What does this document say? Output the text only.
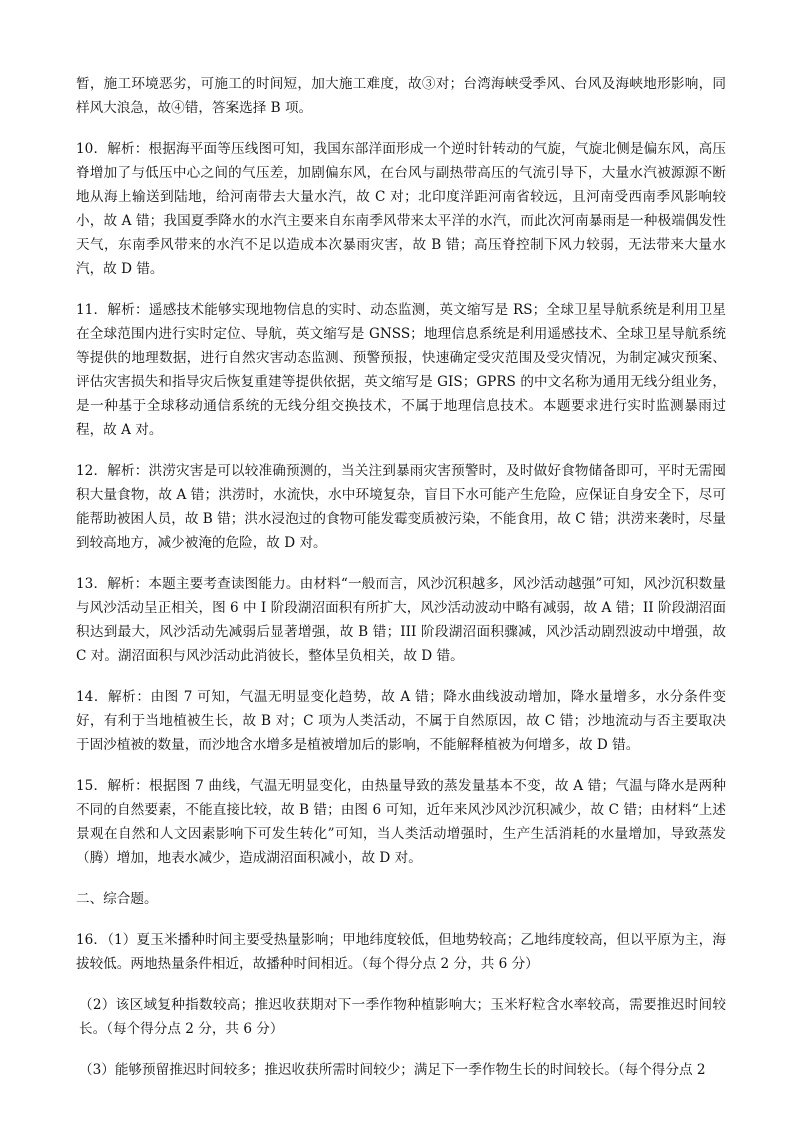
暂，施工环境恶劣，可施工的时间短，加大施工难度，故③对；台湾海峡受季风、台风及海峡地形影响，同样风大浪急，故④错，答案选择 B 项。

10．解析：根据海平面等压线图可知，我国东部洋面形成一个逆时针转动的气旋，气旋北侧是偏东风，高压脊增加了与低压中心之间的气压差，加剧偏东风，在台风与副热带高压的气流引导下，大量水汽被源源不断地从海上输送到陆地，给河南带去大量水汽，故 C 对；北印度洋距河南省较远，且河南受西南季风影响较小，故 A 错；我国夏季降水的水汽主要来自东南季风带来太平洋的水汽，而此次河南暴雨是一种极端偶发性天气，东南季风带来的水汽不足以造成本次暴雨灾害，故 B 错；高压脊控制下风力较弱，无法带来大量水汽，故 D 错。

11．解析：遥感技术能够实现地物信息的实时、动态监测，英文缩写是 RS；全球卫星导航系统是利用卫星在全球范围内进行实时定位、导航，英文缩写是 GNSS；地理信息系统是利用遥感技术、全球卫星导航系统等提供的地理数据，进行自然灾害动态监测、预警预报，快速确定受灾范围及受灾情况，为制定减灾预案、评估灾害损失和指导灾后恢复重建等提供依据，英文缩写是 GIS；GPRS 的中文名称为通用无线分组业务，是一种基于全球移动通信系统的无线分组交换技术，不属于地理信息技术。本题要求进行实时监测暴雨过程，故 A 对。

12．解析：洪涝灾害是可以较准确预测的，当关注到暴雨灾害预警时，及时做好食物储备即可，平时无需囤积大量食物，故 A 错；洪涝时，水流快，水中环境复杂，盲目下水可能产生危险，应保证自身安全下，尽可能帮助被困人员，故 B 错；洪水浸泡过的食物可能发霉变质被污染，不能食用，故 C 错；洪涝来袭时，尽量到较高地方，减少被淹的危险，故 D 对。

13．解析：本题主要考查读图能力。由材料“一般而言，风沙沉积越多，风沙活动越强”可知，风沙沉积数量与风沙活动呈正相关，图 6 中 I 阶段湖沼面积有所扩大，风沙活动波动中略有减弱，故 A 错；II 阶段湖沼面积达到最大，风沙活动先减弱后显著增强，故 B 错；III 阶段湖沼面积骤减，风沙活动剧烈波动中增强，故 C 对。湖沼面积与风沙活动此消彼长，整体呈负相关，故 D 错。

14．解析：由图 7 可知，气温无明显变化趋势，故 A 错；降水曲线波动增加，降水量增多，水分条件变好，有利于当地植被生长，故 B 对；C 项为人类活动，不属于自然原因，故 C 错；沙地流动与否主要取决于固沙植被的数量，而沙地含水增多是植被增加后的影响，不能解释植被为何增多，故 D 错。

15．解析：根据图 7 曲线，气温无明显变化，由热量导致的蒸发量基本不变，故 A 错；气温与降水是两种不同的自然要素，不能直接比较，故 B 错；由图 6 可知，近年来风沙风沙沉积减少，故 C 错；由材料“上述景观在自然和人文因素影响下可发生转化”可知，当人类活动增强时，生产生活消耗的水量增加，导致蒸发（腾）增加，地表水减少，造成湖沼面积减小，故 D 对。

二、综合题。

16．（1）夏玉米播种时间主要受热量影响；甲地纬度较低，但地势较高；乙地纬度较高，但以平原为主，海拔较低。两地热量条件相近，故播种时间相近。（每个得分点 2 分，共 6 分）

（2）该区域复种指数较高；推迟收获期对下一季作物种植影响大；玉米籽粒含水率较高，需要推迟时间较长。（每个得分点 2 分，共 6 分）

（3）能够预留推迟时间较多；推迟收获所需时间较少；满足下一季作物生长的时间较长。（每个得分点 2
